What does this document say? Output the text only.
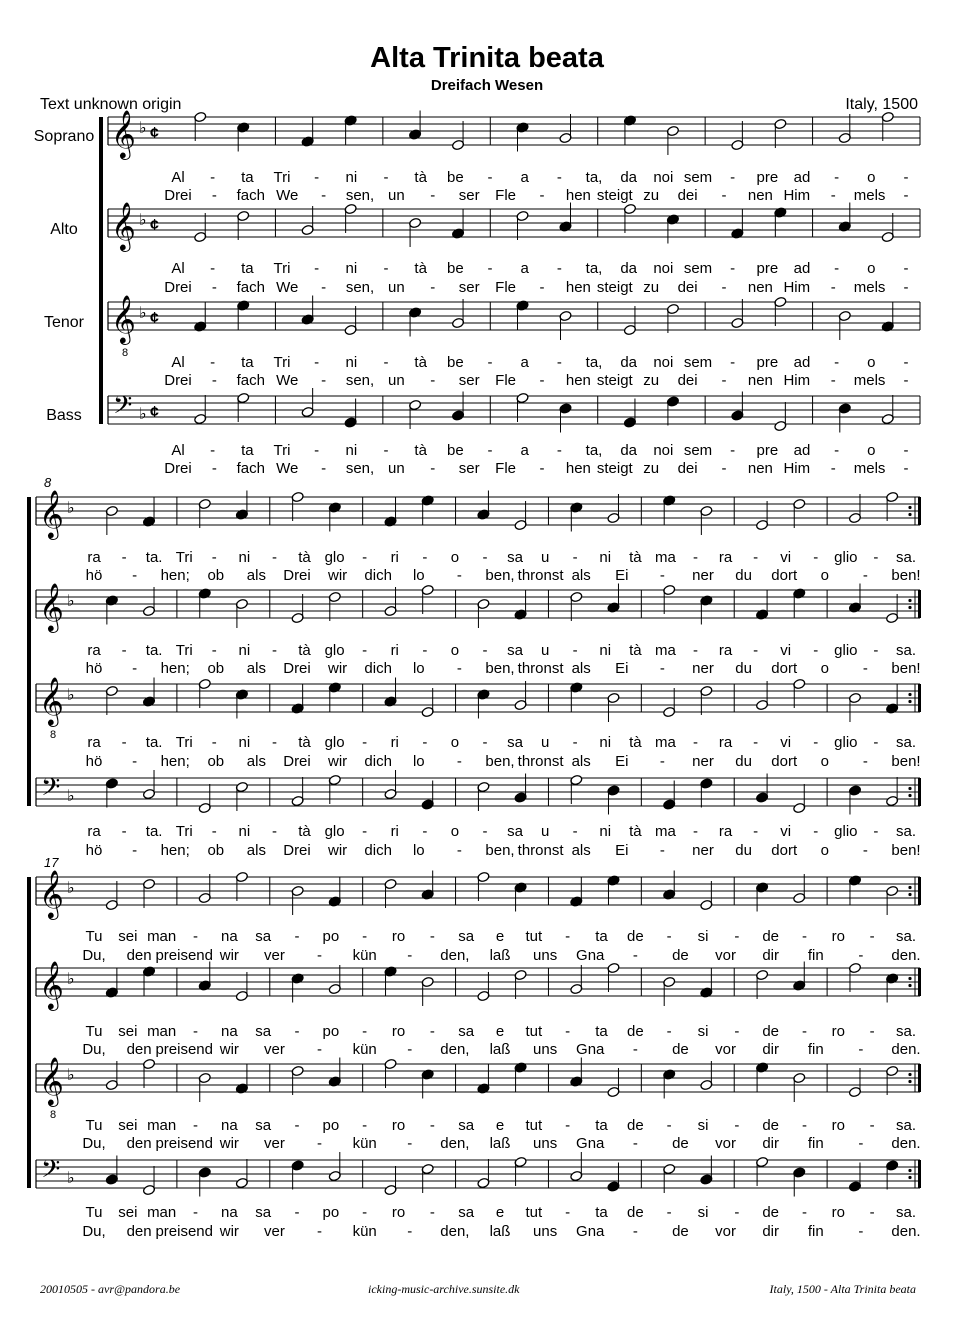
Alta Trinita beata
Dreifach Wesen
Text unknown origin	Italy, 1500
𝄞 ♭ ¢
Al - ta Tri - ni - tà be - a - ta, da noi sem - pre ad - o -
Drei - fach We - sen, un - ser Fle - hen steigt zu dei - nen Him - mels -
Soprano
𝄞 ♭ ¢
Al - ta Tri - ni - tà be - a - ta, da noi sem - pre ad - o -
Drei - fach We - sen, un - ser Fle - hen steigt zu dei - nen Him - mels -
Alto
𝄞
8
♭ ¢
Al - ta Tri - ni - tà be - a - ta, da noi sem - pre ad - o -
Drei - fach We - sen, un - ser Fle - hen steigt zu dei - nen Him - mels -
Tenor
𝄢 ♭ ¢
Al - ta Tri - ni - tà be - a - ta, da noi sem - pre ad - o -
Drei - fach We - sen, un - ser Fle - hen steigt zu dei - nen Him - mels -
Bass
8
𝄞 ♭
ra - ta. Tri - ni - tà glo - ri - o - sa u - ni tà ma - ra - vi - glio - sa.
hö - hen; ob als Drei wir dich lo - ben, thronst als Ei - ner du dort o - ben!
𝄞 ♭
ra - ta. Tri - ni - tà glo - ri - o - sa u - ni tà ma - ra - vi - glio - sa.
hö - hen; ob als Drei wir dich lo - ben, thronst als Ei - ner du dort o - ben!
𝄞
8
♭
ra - ta. Tri - ni - tà glo - ri - o - sa u - ni tà ma - ra - vi - glio - sa.
hö - hen; ob als Drei wir dich lo - ben, thronst als Ei - ner du dort o - ben!
𝄢 ♭
ra - ta. Tri - ni - tà glo - ri - o - sa u - ni tà ma - ra - vi - glio - sa.
hö - hen; ob als Drei wir dich lo - ben, thronst als Ei - ner du dort o - ben!
17
𝄞 ♭
Tu sei man - na sa - po - ro - sa e tut - ta de - si - de - ro - sa.
Du, den preisend wir ver - kün - den, laß uns Gna - de vor dir fin - den.
𝄞 ♭
Tu sei man - na sa - po - ro - sa e tut - ta de - si - de - ro - sa.
Du, den preisend wir ver - kün - den, laß uns Gna - de vor dir fin - den.
𝄞
8
♭
Tu sei man - na sa - po - ro - sa e tut - ta de - si - de - ro - sa.
Du, den preisend wir ver - kün - den, laß uns Gna - de vor dir fin - den.
𝄢 ♭
Tu sei man - na sa - po - ro - sa e tut - ta de - si - de - ro - sa.
Du, den preisend wir ver - kün - den, laß uns Gna - de vor dir fin - den.
20010505 - avr@pandora.be	icking-music-archive.sunsite.dk	Italy, 1500 - Alta Trinita beata
